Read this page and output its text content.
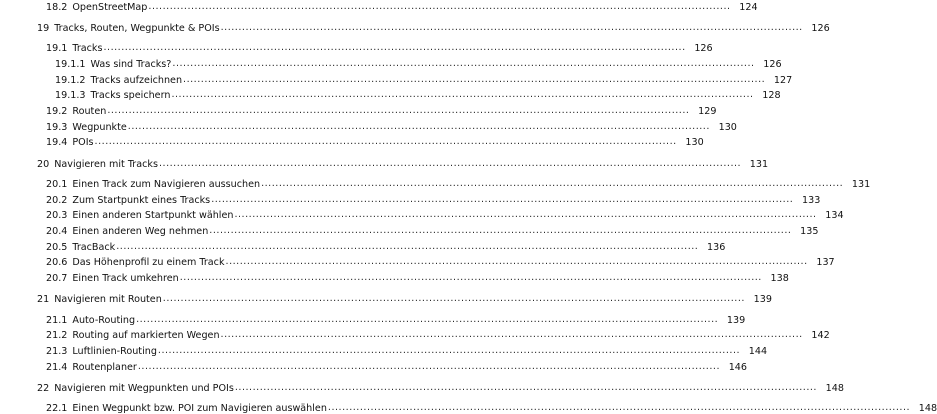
18.2 OpenStreetMap .....	124
19 Tracks, Routen, Wegpunkte & POIs .....	126
19.1 Tracks .....	126
19.1.1 Was sind Tracks? .....	126
19.1.2 Tracks aufzeichnen .....	127
19.1.3 Tracks speichern .....	128
19.2 Routen .....	129
19.3 Wegpunkte .....	130
19.4 POIs .....	130
20 Navigieren mit Tracks .....	131
20.1 Einen Track zum Navigieren aussuchen .....	131
20.2 Zum Startpunkt eines Tracks .....	133
20.3 Einen anderen Startpunkt wählen .....	134
20.4 Einen anderen Weg nehmen .....	135
20.5 TracBack .....	136
20.6 Das Höhenprofil zu einem Track .....	137
20.7 Einen Track umkehren .....	138
21 Navigieren mit Routen .....	139
21.1 Auto-Routing .....	139
21.2 Routing auf markierten Wegen .....	142
21.3 Luftlinien-Routing .....	144
21.4 Routenplaner .....	146
22 Navigieren mit Wegpunkten und POIs .....	148
22.1 Einen Wegpunkt bzw. POI zum Navigieren auswählen .....	148
